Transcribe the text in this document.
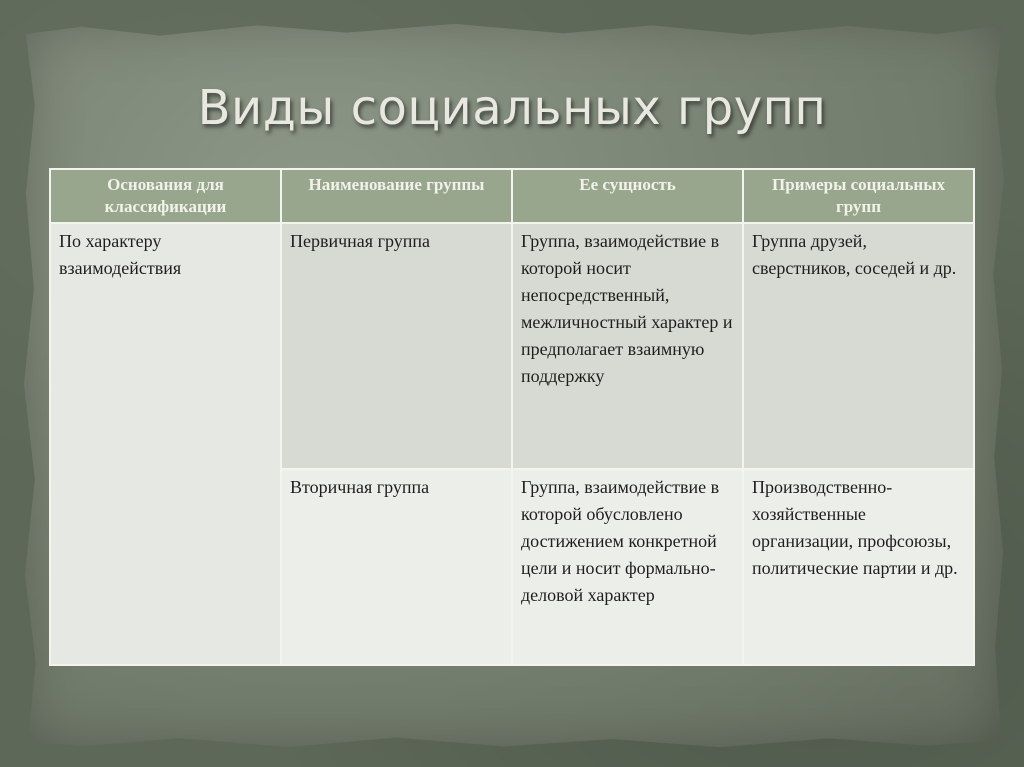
Виды социальных групп
Основания для классификации	Наименование группы	Ее сущность	Примеры социальных групп

По характеру взаимодействия	Первичная группа	Группа, взаимодействие в которой носит непосредственный, межличностный характер и предполагает взаимную поддержку	Группа друзей, сверстников, соседей и др.
	Вторичная группа	Группа, взаимодействие в которой обусловлено достижением конкретной цели и носит формально-деловой характер	Производственно-хозяйственные организации, профсоюзы, политические партии и др.
